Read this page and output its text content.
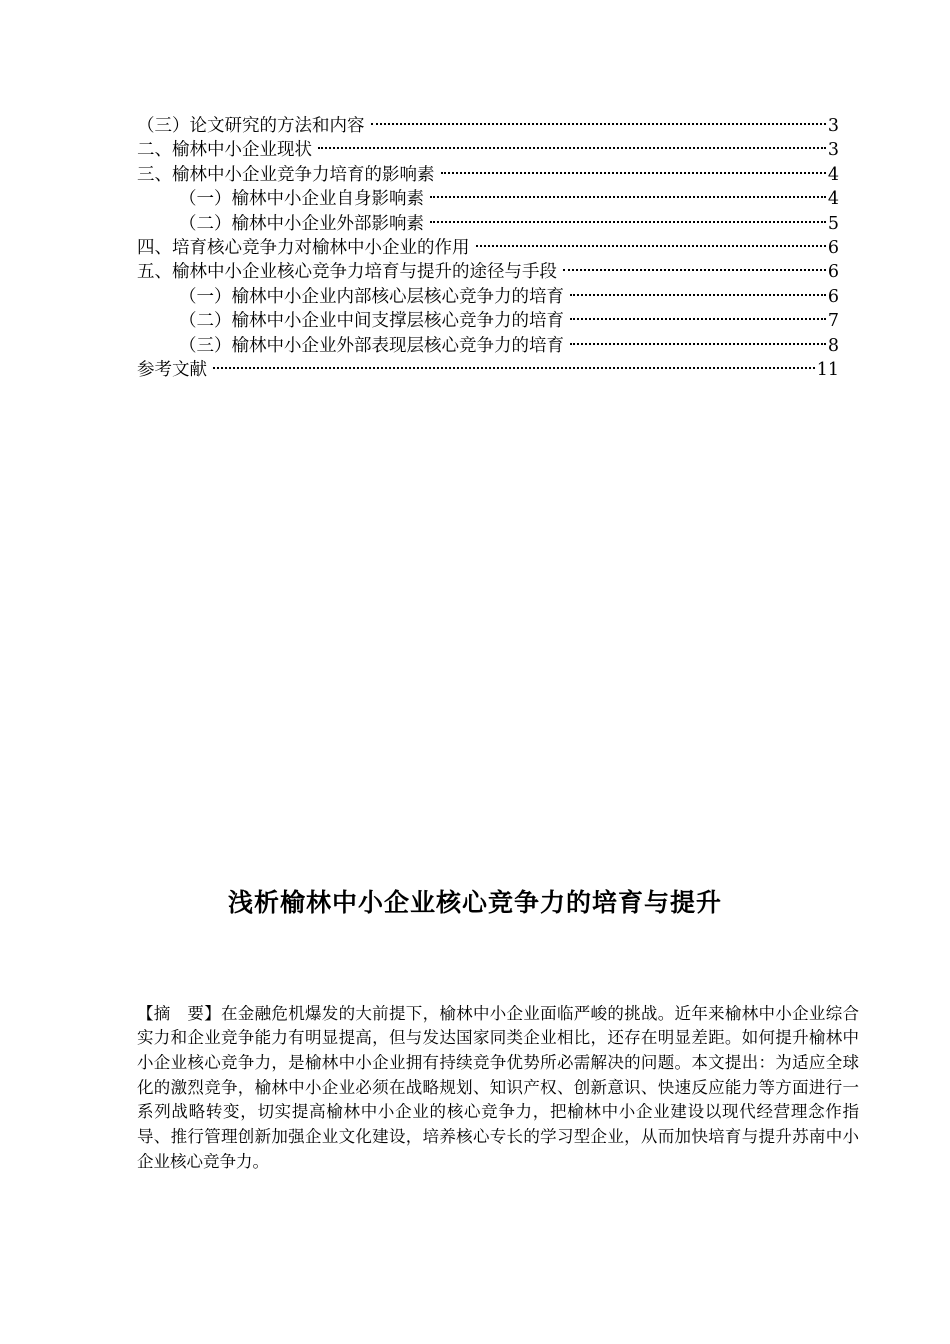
（三）论文研究的方法和内容	3
二、榆林中小企业现状	3
三、榆林中小企业竞争力培育的影响素	4
（一）榆林中小企业自身影响素	4
（二）榆林中小企业外部影响素	5
四、培育核心竞争力对榆林中小企业的作用	6
五、榆林中小企业核心竞争力培育与提升的途径与手段	6
（一）榆林中小企业内部核心层核心竞争力的培育	6
（二）榆林中小企业中间支撑层核心竞争力的培育	7
（三）榆林中小企业外部表现层核心竞争力的培育	8
参考文献	11
浅析榆林中小企业核心竞争力的培育与提升

【摘　要】在金融危机爆发的大前提下，榆林中小企业面临严峻的挑战。近年来榆林中小企业综合实力和企业竞争能力有明显提高，但与发达国家同类企业相比，还存在明显差距。如何提升榆林中小企业核心竞争力，是榆林中小企业拥有持续竞争优势所必需解决的问题。本文提出：为适应全球化的激烈竞争，榆林中小企业必须在战略规划、知识产权、创新意识、快速反应能力等方面进行一系列战略转变，切实提高榆林中小企业的核心竞争力，把榆林中小企业建设以现代经营理念作指导、推行管理创新加强企业文化建设，培养核心专长的学习型企业，从而加快培育与提升苏南中小企业核心竞争力。
